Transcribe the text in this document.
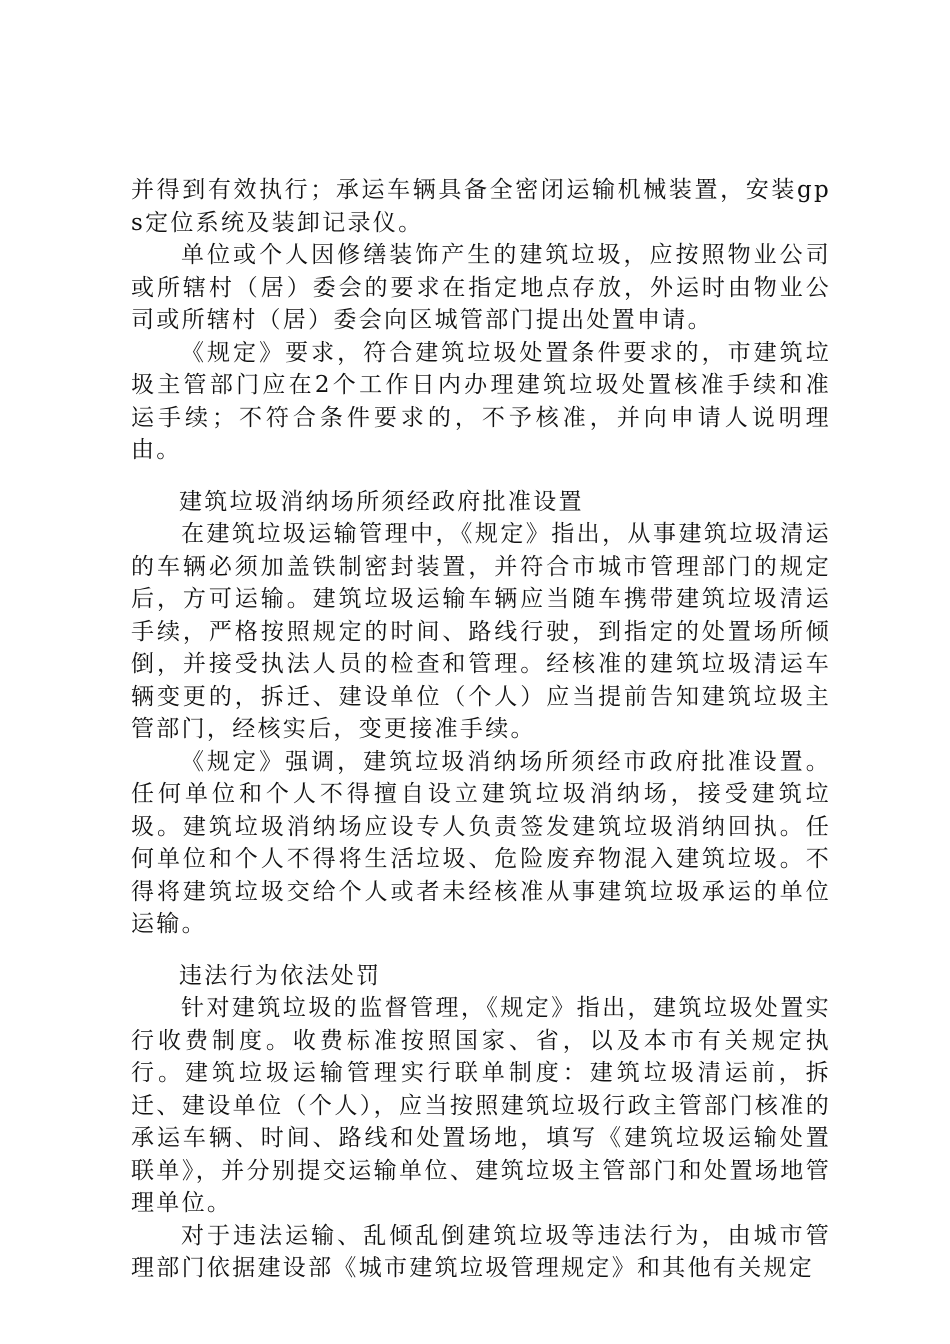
并得到有效执行；承运车辆具备全密闭运输机械装置，安装gps定位系统及装卸记录仪。

单位或个人因修缮装饰产生的建筑垃圾，应按照物业公司或所辖村（居）委会的要求在指定地点存放，外运时由物业公司或所辖村（居）委会向区城管部门提出处置申请。

《规定》要求，符合建筑垃圾处置条件要求的，市建筑垃圾主管部门应在2个工作日内办理建筑垃圾处置核准手续和准运手续；不符合条件要求的，不予核准，并向申请人说明理由。

建筑垃圾消纳场所须经政府批准设置

在建筑垃圾运输管理中，《规定》指出，从事建筑垃圾清运的车辆必须加盖铁制密封装置，并符合市城市管理部门的规定后，方可运输。建筑垃圾运输车辆应当随车携带建筑垃圾清运手续，严格按照规定的时间、路线行驶，到指定的处置场所倾倒，并接受执法人员的检查和管理。经核准的建筑垃圾清运车辆变更的，拆迁、建设单位（个人）应当提前告知建筑垃圾主管部门，经核实后，变更接准手续。

《规定》强调，建筑垃圾消纳场所须经市政府批准设置。任何单位和个人不得擅自设立建筑垃圾消纳场，接受建筑垃圾。建筑垃圾消纳场应设专人负责签发建筑垃圾消纳回执。任何单位和个人不得将生活垃圾、危险废弃物混入建筑垃圾。不得将建筑垃圾交给个人或者未经核准从事建筑垃圾承运的单位运输。

违法行为依法处罚

针对建筑垃圾的监督管理，《规定》指出，建筑垃圾处置实行收费制度。收费标准按照国家、省，以及本市有关规定执行。建筑垃圾运输管理实行联单制度：建筑垃圾清运前，拆迁、建设单位（个人），应当按照建筑垃圾行政主管部门核准的承运车辆、时间、路线和处置场地，填写《建筑垃圾运输处置联单》，并分别提交运输单位、建筑垃圾主管部门和处置场地管理单位。

对于违法运输、乱倾乱倒建筑垃圾等违法行为，由城市管理部门依据建设部《城市建筑垃圾管理规定》和其他有关规定
